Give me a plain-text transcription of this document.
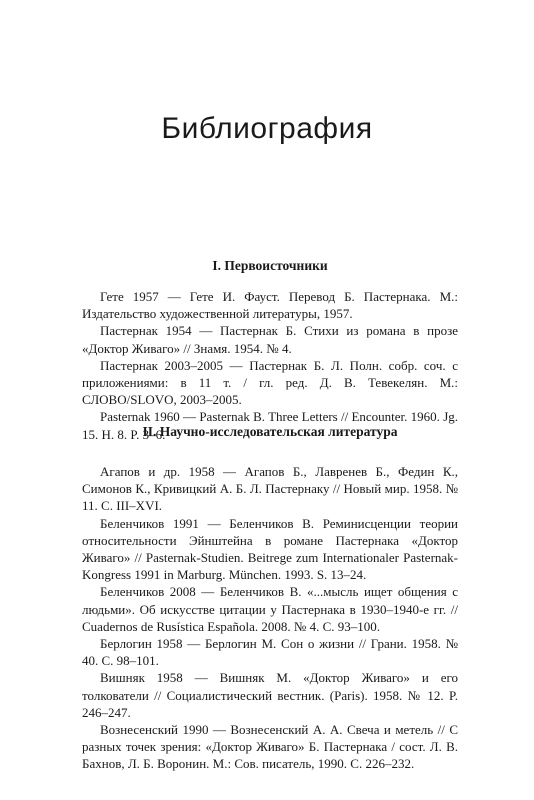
Библиография
I. Первоисточники
Гете 1957 — Гете И. Фауст. Перевод Б. Пастернака. М.: Издательство художественной литературы, 1957.
Пастернак 1954 — Пастернак Б. Стихи из романа в прозе «Доктор Живаго» // Знамя. 1954. № 4.
Пастернак 2003–2005 — Пастернак Б. Л. Полн. собр. соч. с приложениями: в 11 т. / гл. ред. Д. В. Тевекелян. М.: СЛОВО/SLOVO, 2003–2005.
Pasternak 1960 — Pasternak B. Three Letters // Encounter. 1960. Jg. 15. H. 8. P. 3–6.
II. Научно-исследовательская литература
Агапов и др. 1958 — Агапов Б., Лавренев Б., Федин К., Симонов К., Кривицкий А. Б. Л. Пастернаку // Новый мир. 1958. № 11. С. III–XVI.
Беленчиков 1991 — Беленчиков В. Реминисценции теории относительности Эйнштейна в романе Пастернака «Доктор Живаго» // Pasternak-Studien. Beitrege zum Internationaler Pasternak-Kongress 1991 in Marburg. München. 1993. S. 13–24.
Беленчиков 2008 — Беленчиков В. «...мысль ищет общения с людьми». Об искусстве цитации у Пастернака в 1930–1940-е гг. // Cuadernos de Rusística Española. 2008. № 4. С. 93–100.
Берлогин 1958 — Берлогин М. Сон о жизни // Грани. 1958. № 40. С. 98–101.
Вишняк 1958 — Вишняк М. «Доктор Живаго» и его толкователи // Социалистический вестник. (Paris). 1958. № 12. P. 246–247.
Вознесенский 1990 — Вознесенский А. А. Свеча и метель // С разных точек зрения: «Доктор Живаго» Б. Пастернака / сост. Л. В. Бахнов, Л. Б. Воронин. М.: Сов. писатель, 1990. С. 226–232.
